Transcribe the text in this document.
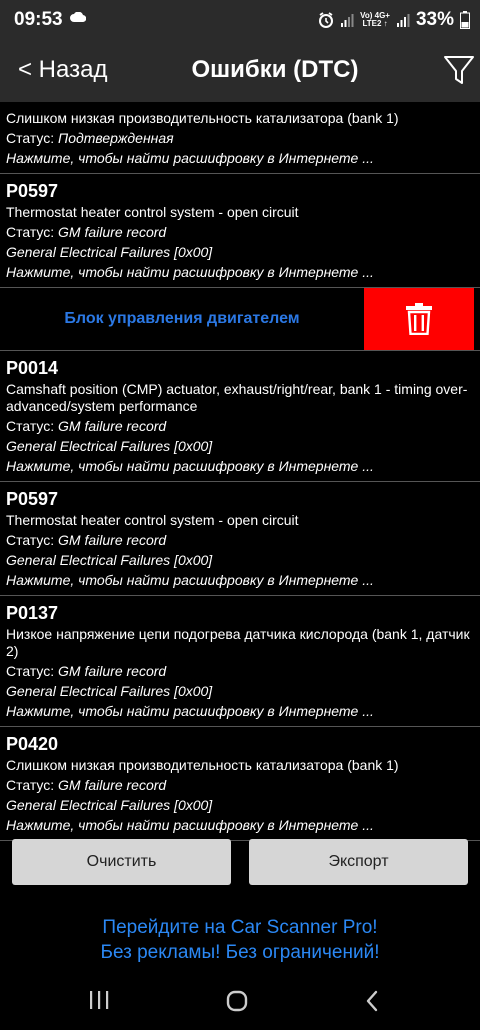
09:53	Vo) 4G+
LTE2 ↑ 33%
< Назад	Ошибки (DTC)
Слишком низкая производительность катализатора (bank 1)
Статус: Подтвержденная
Нажмите, чтобы найти расшифровку в Интернете ...
P0597
Thermostat heater control system - open circuit
Статус: GM failure record
General Electrical Failures [0x00]
Нажмите, чтобы найти расшифровку в Интернете ...
Блок управления двигателем
P0014
Camshaft position (CMP) actuator, exhaust/right/rear, bank 1 - timing over-advanced/system performance
Статус: GM failure record
General Electrical Failures [0x00]
Нажмите, чтобы найти расшифровку в Интернете ...
P0597
Thermostat heater control system - open circuit
Статус: GM failure record
General Electrical Failures [0x00]
Нажмите, чтобы найти расшифровку в Интернете ...
P0137
Низкое напряжение цепи подогрева датчика кислорода (bank 1, датчик 2)
Статус: GM failure record
General Electrical Failures [0x00]
Нажмите, чтобы найти расшифровку в Интернете ...
P0420
Слишком низкая производительность катализатора (bank 1)
Статус: GM failure record
General Electrical Failures [0x00]
Нажмите, чтобы найти расшифровку в Интернете ...
Очистить	Экспорт
Перейдите на Car Scanner Pro!
Без рекламы! Без ограничений!
